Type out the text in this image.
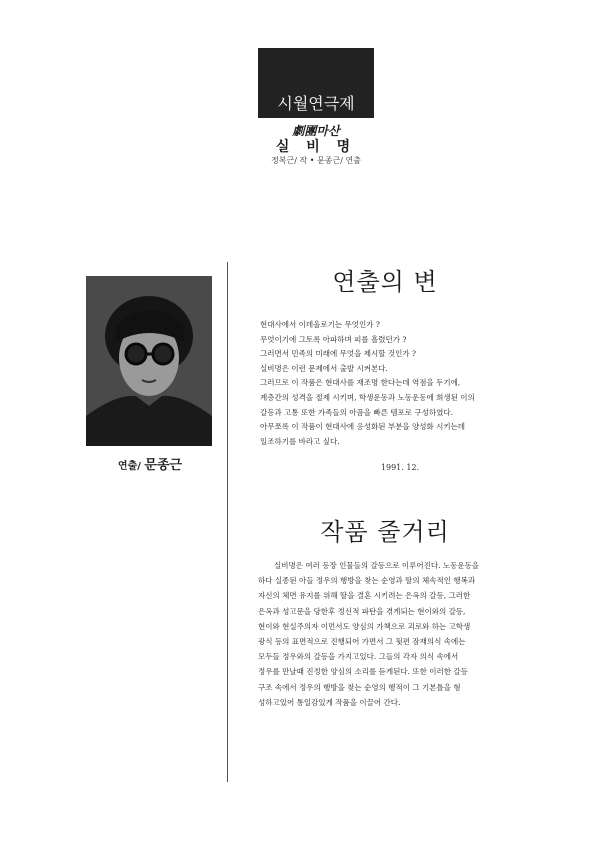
시월연극제
劇團마산
실 비 명
정복근/ 작 • 문종근/ 연출
연출/ 문종근
연출의 변
현대사에서 이데올로기는 무엇인가 ?
무엇이기에 그토록 아파하며 피를 흘렸던가 ?
그러면서 민족의 미래에 무엇을 제시할 것인가 ?
실비명은 이런 문제에서 출발 시켜본다.
그러므로 이 작품은 현대사를 재조명 한다는데 역점을 두기에,
계층간의 성격을 절제 시키며, 학생운동과 노동운동에 희생된 이의
갈등과 고통 또한 가족들의 아픔을 빠른 템포로 구성하였다.
아무쪼록 이 작품이 현대사에 응성화된 부분을 양성화 시키는데
일조하기를 바라고 싶다.
1991. 12.
작품 줄거리
실비명은 여러 등장 인물들의 갈등으로 이루어진다. 노동운동을
하다 실종된 아들 정우의 행방을 찾는 순영과 딸의 체속적인 행복과
자신의 체면 유지를 위해 딸을 결혼 시키려는 은옥의 갈등, 그러한
은옥과 성고문을 당한후 정신적 파탄을 겪게되는 현이와의 갈등,
현이와 현실주의자 이먼서도 양심의 가책으로 괴로와 하는 고학생
광식 등의 표면적으로 진행되어 가면서 그 뒷편 잠재의식 속에는
모두들 정우와의 갈등을 가지고있다. 그들의 각자 의식 속에서
정우를 만날때 진정한 양심의 소리를 듣게된다. 또한 이러한 갈등
구조 속에서 정우의 행방을 찾는 순영의 행적이 그 기본틀을 형
성하고있어 통일감있게 작품을 이끌어 간다.
